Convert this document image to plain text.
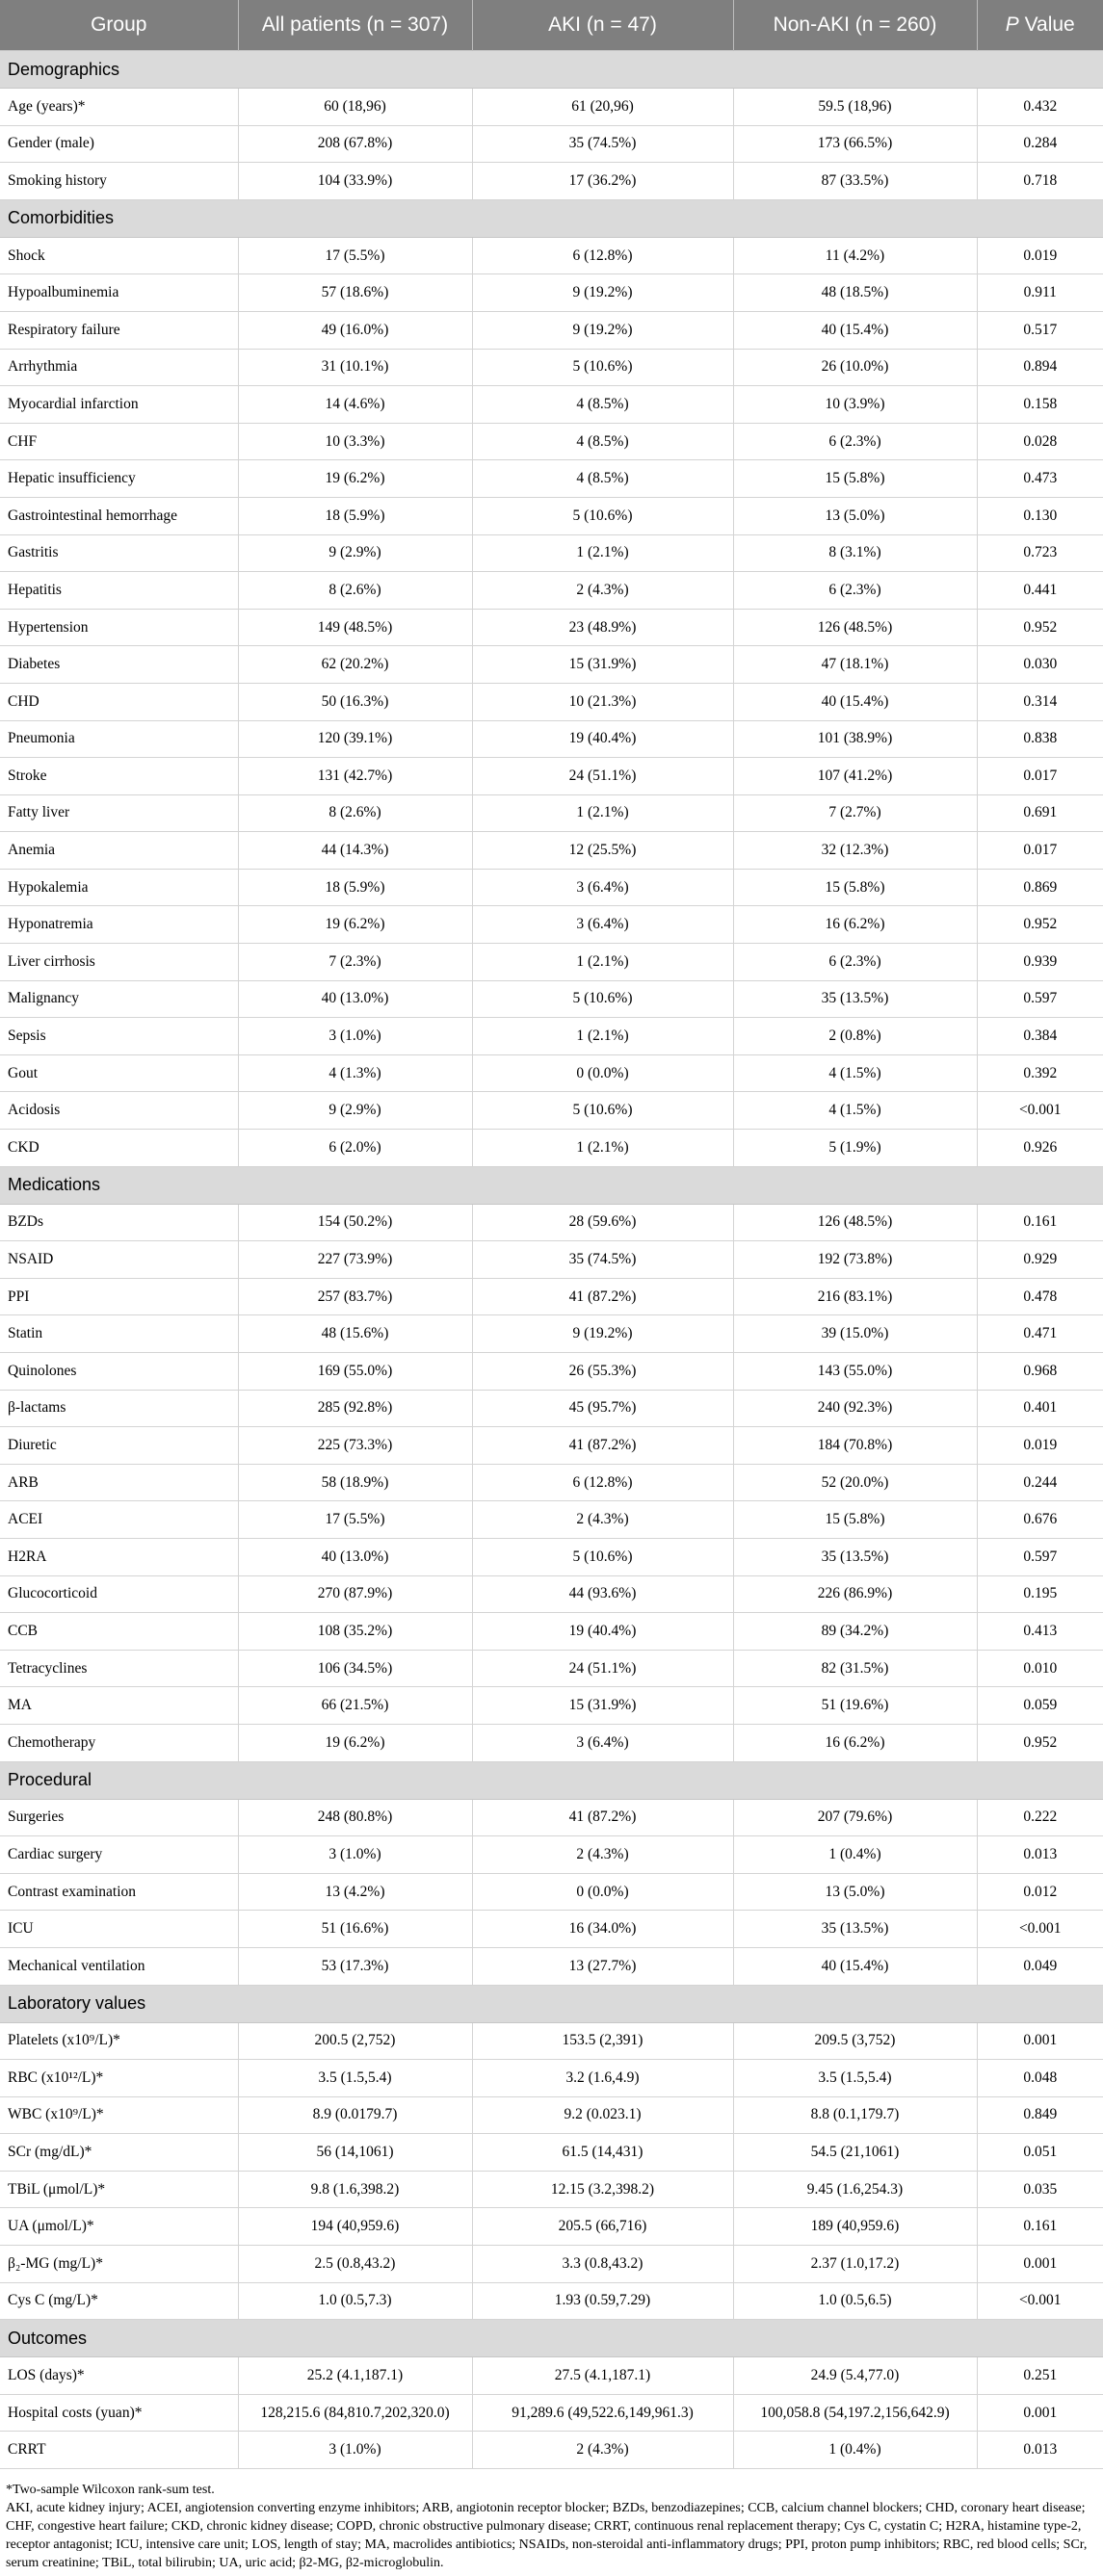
Group	All patients (n = 307)	AKI (n = 47)	Non-AKI (n = 260)	P Value
Demographics				
Age (years)*	60 (18,96)	61 (20,96)	59.5 (18,96)	0.432
Gender (male)	208 (67.8%)	35 (74.5%)	173 (66.5%)	0.284
Smoking history	104 (33.9%)	17 (36.2%)	87 (33.5%)	0.718
Comorbidities				
Shock	17 (5.5%)	6 (12.8%)	11 (4.2%)	0.019
Hypoalbuminemia	57 (18.6%)	9 (19.2%)	48 (18.5%)	0.911
Respiratory failure	49 (16.0%)	9 (19.2%)	40 (15.4%)	0.517
Arrhythmia	31 (10.1%)	5 (10.6%)	26 (10.0%)	0.894
Myocardial infarction	14 (4.6%)	4 (8.5%)	10 (3.9%)	0.158
CHF	10 (3.3%)	4 (8.5%)	6 (2.3%)	0.028
Hepatic insufficiency	19 (6.2%)	4 (8.5%)	15 (5.8%)	0.473
Gastrointestinal hemorrhage	18 (5.9%)	5 (10.6%)	13 (5.0%)	0.130
Gastritis	9 (2.9%)	1 (2.1%)	8 (3.1%)	0.723
Hepatitis	8 (2.6%)	2 (4.3%)	6 (2.3%)	0.441
Hypertension	149 (48.5%)	23 (48.9%)	126 (48.5%)	0.952
Diabetes	62 (20.2%)	15 (31.9%)	47 (18.1%)	0.030
CHD	50 (16.3%)	10 (21.3%)	40 (15.4%)	0.314
Pneumonia	120 (39.1%)	19 (40.4%)	101 (38.9%)	0.838
Stroke	131 (42.7%)	24 (51.1%)	107 (41.2%)	0.017
Fatty liver	8 (2.6%)	1 (2.1%)	7 (2.7%)	0.691
Anemia	44 (14.3%)	12 (25.5%)	32 (12.3%)	0.017
Hypokalemia	18 (5.9%)	3 (6.4%)	15 (5.8%)	0.869
Hyponatremia	19 (6.2%)	3 (6.4%)	16 (6.2%)	0.952
Liver cirrhosis	7 (2.3%)	1 (2.1%)	6 (2.3%)	0.939
Malignancy	40 (13.0%)	5 (10.6%)	35 (13.5%)	0.597
Sepsis	3 (1.0%)	1 (2.1%)	2 (0.8%)	0.384
Gout	4 (1.3%)	0 (0.0%)	4 (1.5%)	0.392
Acidosis	9 (2.9%)	5 (10.6%)	4 (1.5%)	<0.001
CKD	6 (2.0%)	1 (2.1%)	5 (1.9%)	0.926
Medications				
BZDs	154 (50.2%)	28 (59.6%)	126 (48.5%)	0.161
NSAID	227 (73.9%)	35 (74.5%)	192 (73.8%)	0.929
PPI	257 (83.7%)	41 (87.2%)	216 (83.1%)	0.478
Statin	48 (15.6%)	9 (19.2%)	39 (15.0%)	0.471
Quinolones	169 (55.0%)	26 (55.3%)	143 (55.0%)	0.968
β-lactams	285 (92.8%)	45 (95.7%)	240 (92.3%)	0.401
Diuretic	225 (73.3%)	41 (87.2%)	184 (70.8%)	0.019
ARB	58 (18.9%)	6 (12.8%)	52 (20.0%)	0.244
ACEI	17 (5.5%)	2 (4.3%)	15 (5.8%)	0.676
H2RA	40 (13.0%)	5 (10.6%)	35 (13.5%)	0.597
Glucocorticoid	270 (87.9%)	44 (93.6%)	226 (86.9%)	0.195
CCB	108 (35.2%)	19 (40.4%)	89 (34.2%)	0.413
Tetracyclines	106 (34.5%)	24 (51.1%)	82 (31.5%)	0.010
MA	66 (21.5%)	15 (31.9%)	51 (19.6%)	0.059
Chemotherapy	19 (6.2%)	3 (6.4%)	16 (6.2%)	0.952
Procedural				
Surgeries	248 (80.8%)	41 (87.2%)	207 (79.6%)	0.222
Cardiac surgery	3 (1.0%)	2 (4.3%)	1 (0.4%)	0.013
Contrast examination	13 (4.2%)	0 (0.0%)	13 (5.0%)	0.012
ICU	51 (16.6%)	16 (34.0%)	35 (13.5%)	<0.001
Mechanical ventilation	53 (17.3%)	13 (27.7%)	40 (15.4%)	0.049
Laboratory values				
Platelets (x10⁹/L)*	200.5 (2,752)	153.5 (2,391)	209.5 (3,752)	0.001
RBC (x10¹²/L)*	3.5 (1.5,5.4)	3.2 (1.6,4.9)	3.5 (1.5,5.4)	0.048
WBC (x10⁹/L)*	8.9 (0.0179.7)	9.2 (0.023.1)	8.8 (0.1,179.7)	0.849
SCr (mg/dL)*	56 (14,1061)	61.5 (14,431)	54.5 (21,1061)	0.051
TBiL (μmol/L)*	9.8 (1.6,398.2)	12.15 (3.2,398.2)	9.45 (1.6,254.3)	0.035
UA (μmol/L)*	194 (40,959.6)	205.5 (66,716)	189 (40,959.6)	0.161
β₂-MG (mg/L)*	2.5 (0.8,43.2)	3.3 (0.8,43.2)	2.37 (1.0,17.2)	0.001
Cys C (mg/L)*	1.0 (0.5,7.3)	1.93 (0.59,7.29)	1.0 (0.5,6.5)	<0.001
Outcomes				
LOS (days)*	25.2 (4.1,187.1)	27.5 (4.1,187.1)	24.9 (5.4,77.0)	0.251
Hospital costs (yuan)*	128,215.6 (84,810.7,202,320.0)	91,289.6 (49,522.6,149,961.3)	100,058.8 (54,197.2,156,642.9)	0.001
CRRT	3 (1.0%)	2 (4.3%)	1 (0.4%)	0.013

*Two-sample Wilcoxon rank-sum test.

AKI, acute kidney injury; ACEI, angiotension converting enzyme inhibitors; ARB, angiotonin receptor blocker; BZDs, benzodiazepines; CCB, calcium channel blockers; CHD, coronary heart disease; CHF, congestive heart failure; CKD, chronic kidney disease; COPD, chronic obstructive pulmonary disease; CRRT, continuous renal replacement therapy; Cys C, cystatin C; H2RA, histamine type-2, receptor antagonist; ICU, intensive care unit; LOS, length of stay; MA, macrolides antibiotics; NSAIDs, non-steroidal anti-inflammatory drugs; PPI, proton pump inhibitors; RBC, red blood cells; SCr, serum creatinine; TBiL, total bilirubin; UA, uric acid; β2-MG, β2-microglobulin.
